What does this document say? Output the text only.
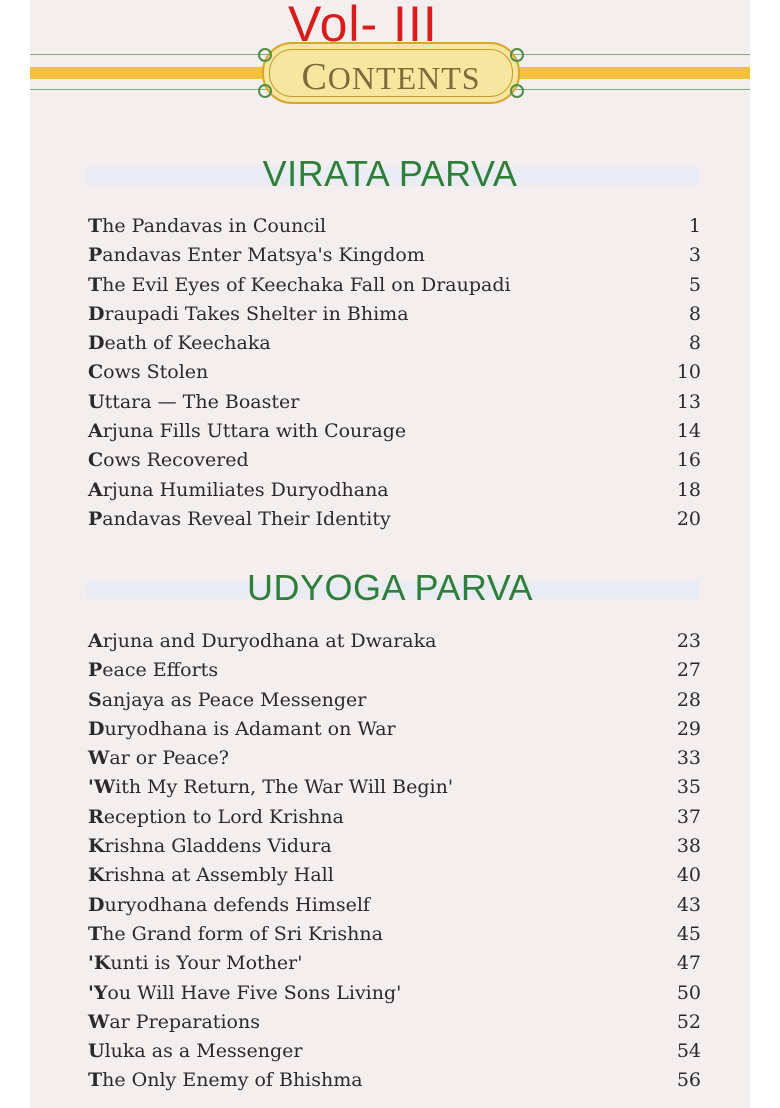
CONTENTS
Vol- III
VIRATA PARVA
The Pandavas in Council	1
Pandavas Enter Matsya's Kingdom	3
The Evil Eyes of Keechaka Fall on Draupadi	5
Draupadi Takes Shelter in Bhima	8
Death of Keechaka	8
Cows Stolen	10
Uttara — The Boaster	13
Arjuna Fills Uttara with Courage	14
Cows Recovered	16
Arjuna Humiliates Duryodhana	18
Pandavas Reveal Their Identity	20
UDYOGA PARVA
Arjuna and Duryodhana at Dwaraka	23
Peace Efforts	27
Sanjaya as Peace Messenger	28
Duryodhana is Adamant on War	29
War or Peace?	33
'With My Return, The War Will Begin'	35
Reception to Lord Krishna	37
Krishna Gladdens Vidura	38
Krishna at Assembly Hall	40
Duryodhana defends Himself	43
The Grand form of Sri Krishna	45
'Kunti is Your Mother'	47
'You Will Have Five Sons Living'	50
War Preparations	52
Uluka as a Messenger	54
The Only Enemy of Bhishma	56
